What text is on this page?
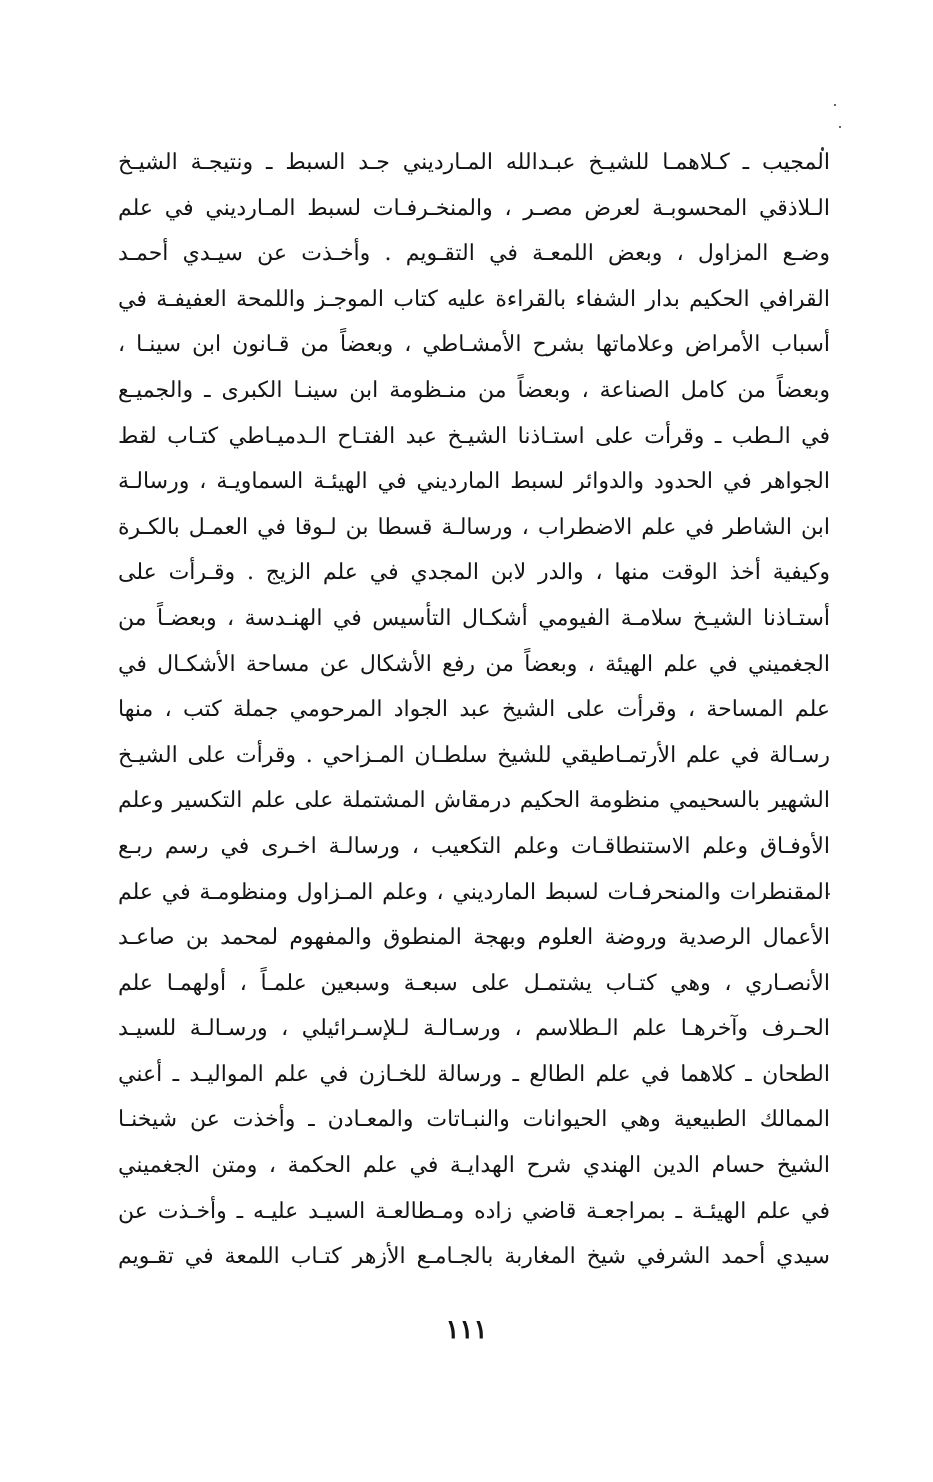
المجيب ـ كـلاهمـا للشيـخ عبـدالله المـارديني جـد السبط ـ ونتيجـة الشيـخ
الـلاذقي المحسوبـة لعرض مصـر ، والمنخـرفـات لسبط المـارديني في علم
وضـع المزاول ، وبعض اللمعـة في التقـويم . وأخـذت عن سيـدي أحمـد
القرافي الحكيم بدار الشفاء بالقراءة عليه كتاب الموجـز واللمحة العفيفـة في
أسباب الأمراض وعلاماتها بشرح الأمشـاطي ، وبعضاً من قـانون ابن سينـا ،
وبعضاً من كامل الصناعة ، وبعضاً من منـظومة ابن سينـا الكبرى ـ والجميـع
في الـطب ـ وقرأت على استـاذنا الشيـخ عبد الفتـاح الـدميـاطي كتـاب لقط
الجواهر في الحدود والدوائر لسبط المارديني في الهيئـة السماويـة ، ورسالـة
ابن الشاطر في علم الاضطراب ، ورسالـة قسطا بن لـوقا في العمـل بالكـرة
وكيفية أخذ الوقت منها ، والدر لابن المجدي في علم الزيج . وقـرأت على
أستـاذنا الشيـخ سلامـة الفيومي أشكـال التأسيس في الهنـدسة ، وبعضـاً من
الجغميني في علم الهيئة ، وبعضاً من رفع الأشكال عن مساحة الأشكـال في
علم المساحة ، وقرأت على الشيخ عبد الجواد المرحومي جملة كتب ، منها
رسـالة في علم الأرتمـاطيقي للشيخ سلطـان المـزاحي . وقرأت على الشيـخ
الشهير بالسحيمي منظومة الحكيم درمقاش المشتملة على علم التكسير وعلم
الأوفـاق وعلم الاستنطاقـات وعلم التكعيب ، ورسالـة اخـرى في رسم ربـع
المقنطرات والمنحرفـات لسبط المارديني ، وعلم المـزاول ومنظومـة في علم
الأعمال الرصدية وروضة العلوم وبهجة المنطوق والمفهوم لمحمد بن صاعـد
الأنصـاري ، وهي كتـاب يشتمـل على سبعـة وسبعين علمـاً ، أولهمـا علم
الحـرف وآخرهـا علم الـطلاسم ، ورسـالـة لـلإسـرائيلي ، ورسـالـة للسيـد
الطحان ـ كلاهما في علم الطالع ـ ورسالة للخـازن في علم المواليـد ـ أعني
الممالك الطبيعية وهي الحيوانات والنبـاتات والمعـادن ـ وأخذت عن شيخنـا
الشيخ حسام الدين الهندي شرح الهدايـة في علم الحكمة ، ومتن الجغميني
في علم الهيئـة ـ بمراجعـة قاضي زاده ومـطالعـة السيـد عليـه ـ وأخـذت عن
سيدي أحمد الشرفي شيخ المغاربة بالجـامـع الأزهر كتـاب اللمعة في تقـويم
١١١
